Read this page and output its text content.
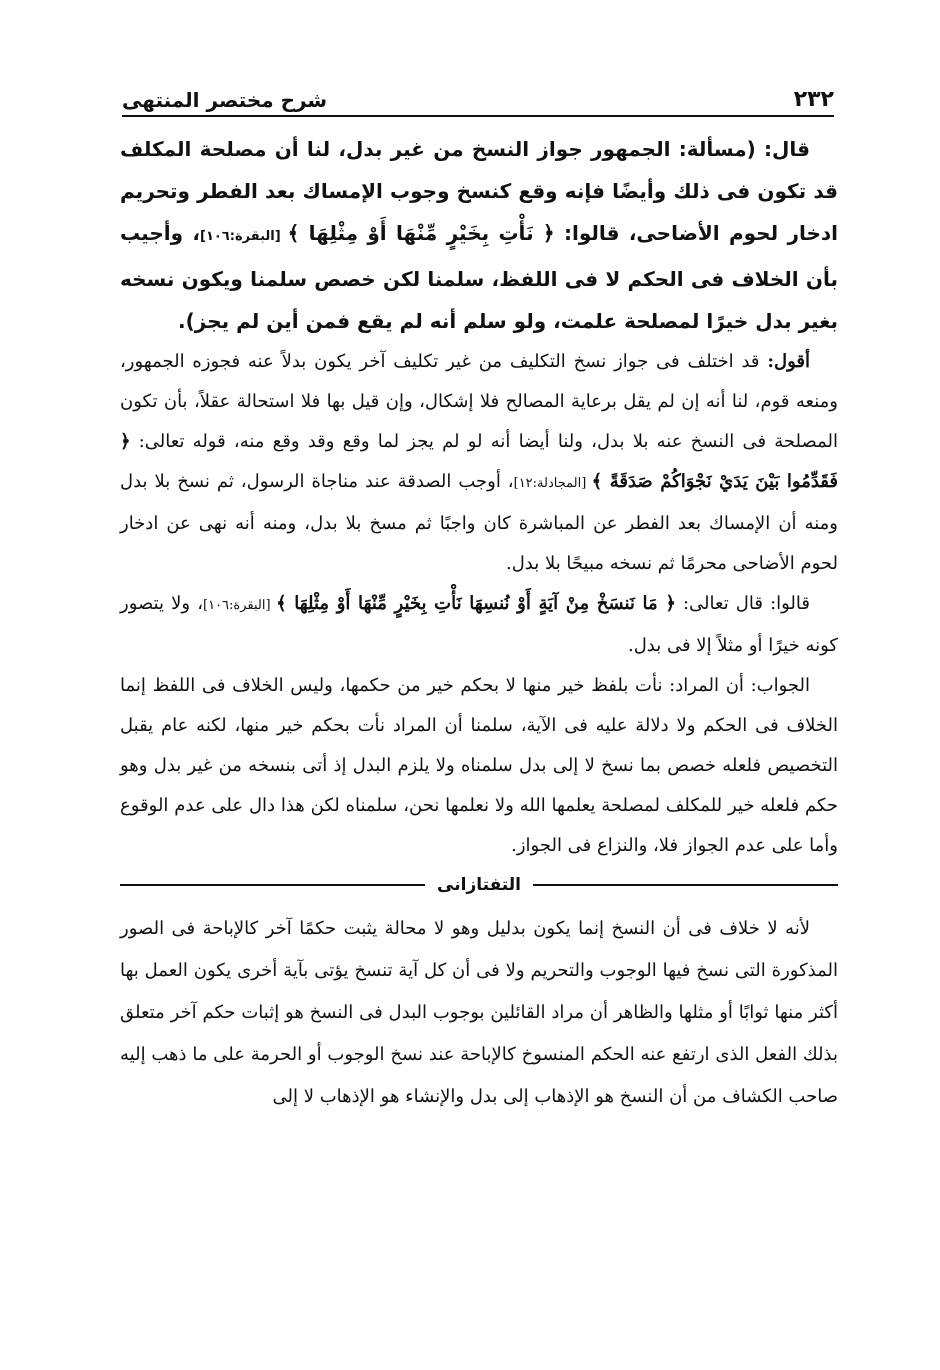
٢٣٢
شرح مختصر المنتهى

قال: (مسألة: الجمهور جواز النسخ من غير بدل، لنا أن مصلحة المكلف قد تكون فى ذلك وأيضًا فإنه وقع كنسخ وجوب الإمساك بعد الفطر وتحريم ادخار لحوم الأضاحى، قالوا: ﴿ نَأْتِ بِخَيْرٍ مِّنْهَا أَوْ مِثْلِهَا ﴾ [البقرة:١٠٦]، وأجيب بأن الخلاف فى الحكم لا فى اللفظ، سلمنا لكن خصص سلمنا ويكون نسخه بغير بدل خيرًا لمصلحة علمت، ولو سلم أنه لم يقع فمن أين لم يجز).

أقول: قد اختلف فى جواز نسخ التكليف من غير تكليف آخر يكون بدلاً عنه فجوزه الجمهور، ومنعه قوم، لنا أنه إن لم يقل برعاية المصالح فلا إشكال، وإن قيل بها فلا استحالة عقلاً، بأن تكون المصلحة فى النسخ عنه بلا بدل، ولنا أيضا أنه لو لم يجز لما وقع وقد وقع منه، قوله تعالى: ﴿ فَقَدِّمُوا بَيْنَ يَدَيْ نَجْوَاكُمْ صَدَقَةً ﴾ [المجادلة:١٢]، أوجب الصدقة عند مناجاة الرسول، ثم نسخ بلا بدل ومنه أن الإمساك بعد الفطر عن المباشرة كان واجبًا ثم مسخ بلا بدل، ومنه أنه نهى عن ادخار لحوم الأضاحى محرمًا ثم نسخه مبيحًا بلا بدل.

قالوا: قال تعالى: ﴿ مَا نَنسَخْ مِنْ آيَةٍ أَوْ نُنسِهَا نَأْتِ بِخَيْرٍ مِّنْهَا أَوْ مِثْلِهَا ﴾ [البقرة:١٠٦]، ولا يتصور كونه خيرًا أو مثلاً إلا فى بدل.

الجواب: أن المراد: نأت بلفظ خير منها لا بحكم خير من حكمها، وليس الخلاف فى اللفظ إنما الخلاف فى الحكم ولا دلالة عليه فى الآية، سلمنا أن المراد نأت بحكم خير منها، لكنه عام يقبل التخصيص فلعله خصص بما نسخ لا إلى بدل سلمناه ولا يلزم البدل إذ أتى بنسخه من غير بدل وهو حكم فلعله خير للمكلف لمصلحة يعلمها الله ولا نعلمها نحن، سلمناه لكن هذا دال على عدم الوقوع وأما على عدم الجواز فلا، والنزاع فى الجواز.

التفتازانى

لأنه لا خلاف فى أن النسخ إنما يكون بدليل وهو لا محالة يثبت حكمًا آخر كالإباحة فى الصور المذكورة التى نسخ فيها الوجوب والتحريم ولا فى أن كل آية تنسخ يؤتى بآية أخرى يكون العمل بها أكثر منها ثوابًا أو مثلها والظاهر أن مراد القائلين بوجوب البدل فى النسخ هو إثبات حكم آخر متعلق بذلك الفعل الذى ارتفع عنه الحكم المنسوخ كالإباحة عند نسخ الوجوب أو الحرمة على ما ذهب إليه صاحب الكشاف من أن النسخ هو الإذهاب إلى بدل والإنشاء هو الإذهاب لا إلى
